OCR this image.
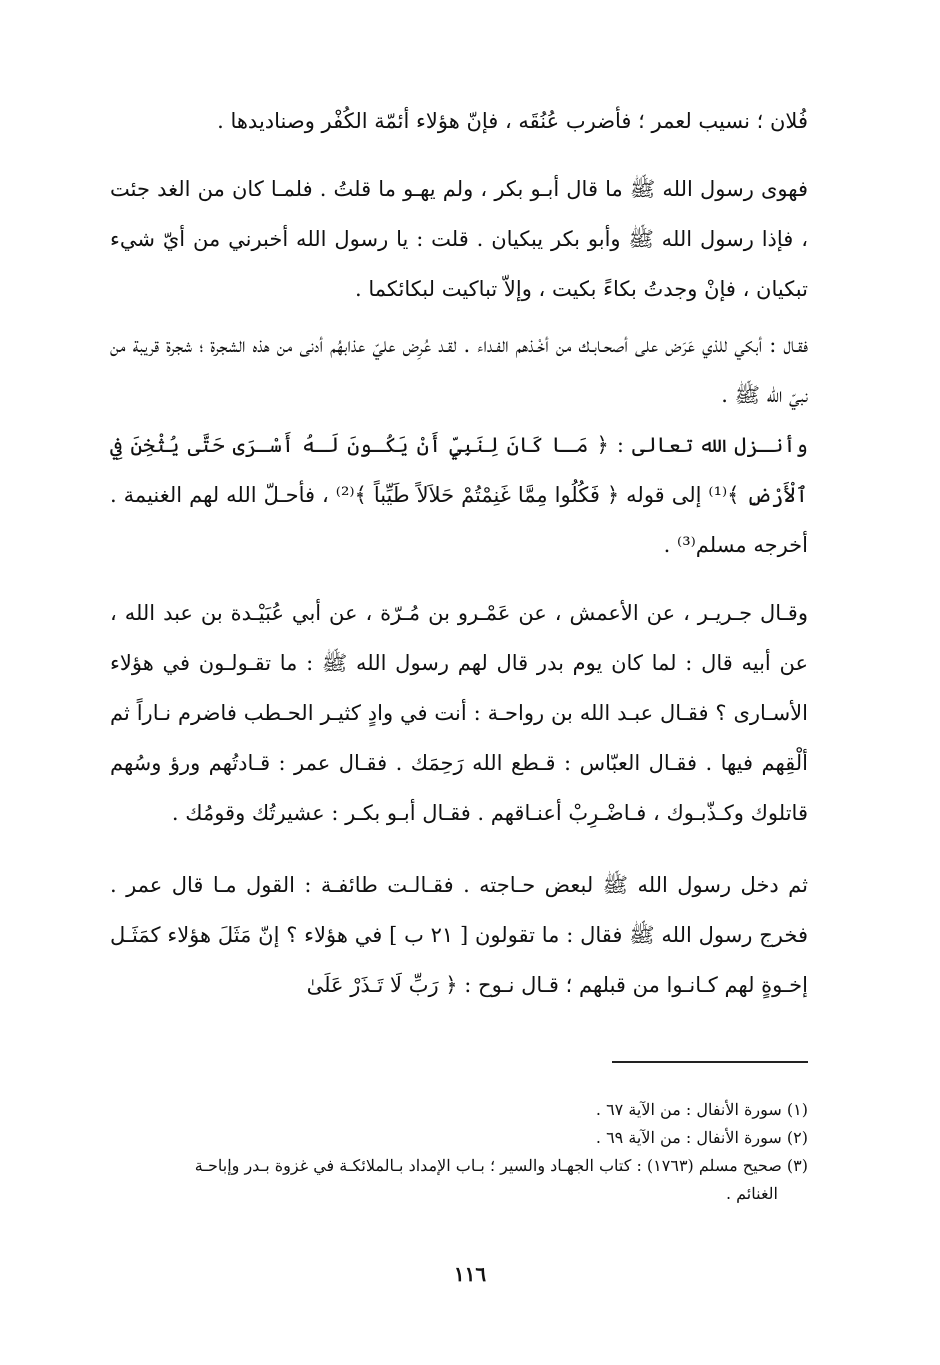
فُلان ؛ نسيب لعمر ؛ فأضرب عُنُقَه ، فإنّ هؤلاء أئمّة الكُفْر وصناديدها .

فهوى رسول الله ﷺ ما قال أبـو بكر ، ولم يهـو ما قلتُ . فلمـا كان من الغد جئت ، فإذا رسول الله ﷺ وأبو بكر يبكيان . قلت : يا رسول الله أخبرني من أيّ شيء تبكيان ، فإنْ وجدتُ بكاءً بكيت ، وإلاّ تباكيت لبكائكما .

فقـال : أبكي للذي عَرَض على أصحـابـك من أخْـذهم الفـداء . لقـد عُرِض عليّ عذابهُم أدنى من هذه الشجرة ؛ شجرة قريبة من نبيّ الله ﷺ .

وأنـزل الله تعالى : ﴿ مَـا كَانَ لِنَبِيٍّ أَنْ يَكُـونَ لَـهُ أَسْـرَى حَتَّى يُثْخِنَ فِي ٱلْأَرْضِ ﴾⁽¹⁾ إلى قوله ﴿ فَكُلُوا مِمَّا غَنِمْتُمْ حَلاَلاً طَيِّباً ﴾⁽²⁾ ، فأحـلّ الله لهم الغنيمة . أخرجه مسلم⁽³⁾ .

وقـال جـريـر ، عن الأعمش ، عن عَمْـرو بن مُـرّة ، عن أبي عُبَيْـدة بن عبد الله ، عن أبيه قال : لما كان يوم بدر قال لهم رسول الله ﷺ : ما تقـولـون في هؤلاء الأسـارى ؟ فقـال عبـد الله بن رواحـة : أنت في وادٍ كثيـر الحـطب فاضرم نـاراً ثم ألْقِهم فيها . فقـال العبّاس : قـطع الله رَحِمَك . فقـال عمر : قـادتُهم ورؤ وسُهم قاتلوك وكـذّبـوك ، فـاضْـرِبْ أعنـاقهم . فقـال أبـو بكـر : عشيرتُك وقومُك .

ثم دخل رسول الله ﷺ لبعض حـاجته . فقـالـت طائفـة : القول مـا قال عمر . فخرج رسول الله ﷺ فقال : ما تقولون [ ٢١ ب ] في هؤلاء ؟ إنّ مَثَلَ هؤلاء كمَثَـل إخـوةٍ لهم كـانـوا من قبلهم ؛ قـال نـوح : ﴿ رَبِّ لَا تَـذَرْ عَلَىٰ

(١) سورة الأنفال : من الآية ٦٧ .

(٢) سورة الأنفال : من الآية ٦٩ .

(٣) صحيح مسلم (١٧٦٣) : كتاب الجهـاد والسير ؛ بـاب الإمداد بـالملائكـة في غزوة بـدر وإباحـة

الغنائم .

١١٦
